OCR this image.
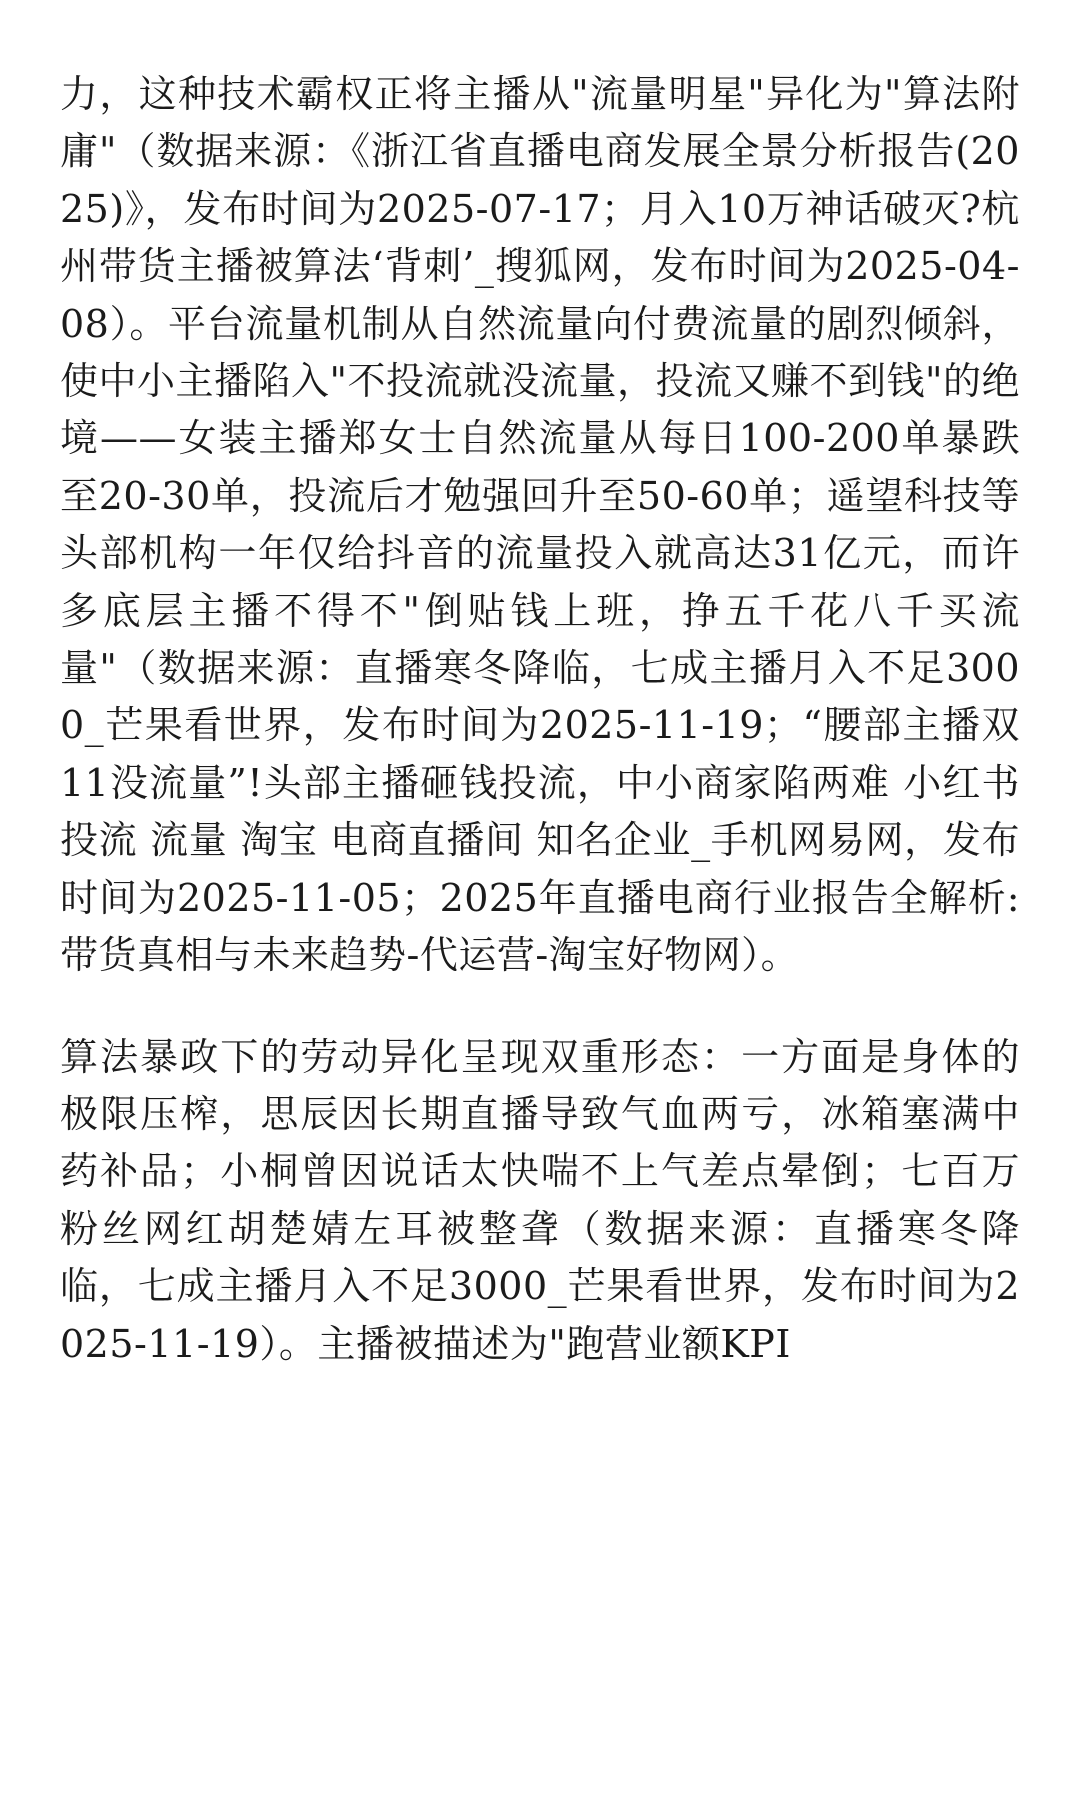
力，这种技术霸权正将主播从"流量明星"异化为"算法附庸"（数据来源：《浙江省直播电商发展全景分析报告(2025)》，发布时间为2025-07-17；月入10万神话破灭?杭州带货主播被算法‘背刺’_搜狐网，发布时间为2025-04-08）。平台流量机制从自然流量向付费流量的剧烈倾斜，使中小主播陷入"不投流就没流量，投流又赚不到钱"的绝境——女装主播郑女士自然流量从每日100-200单暴跌至20-30单，投流后才勉强回升至50-60单；遥望科技等头部机构一年仅给抖音的流量投入就高达31亿元，而许多底层主播不得不"倒贴钱上班，挣五千花八千买流量"（数据来源：直播寒冬降临，七成主播月入不足3000_芒果看世界，发布时间为2025-11-19；“腰部主播双11没流量”!头部主播砸钱投流，中小商家陷两难 小红书 投流 流量 淘宝 电商直播间 知名企业_手机网易网，发布时间为2025-11-05；2025年直播电商行业报告全解析:带货真相与未来趋势-代运营-淘宝好物网）。

算法暴政下的劳动异化呈现双重形态：一方面是身体的极限压榨，思辰因长期直播导致气血两亏，冰箱塞满中药补品；小桐曾因说话太快喘不上气差点晕倒；七百万粉丝网红胡楚婧左耳被整聋（数据来源：直播寒冬降临，七成主播月入不足3000_芒果看世界，发布时间为2025-11-19）。主播被描述为"跑营业额KPI
